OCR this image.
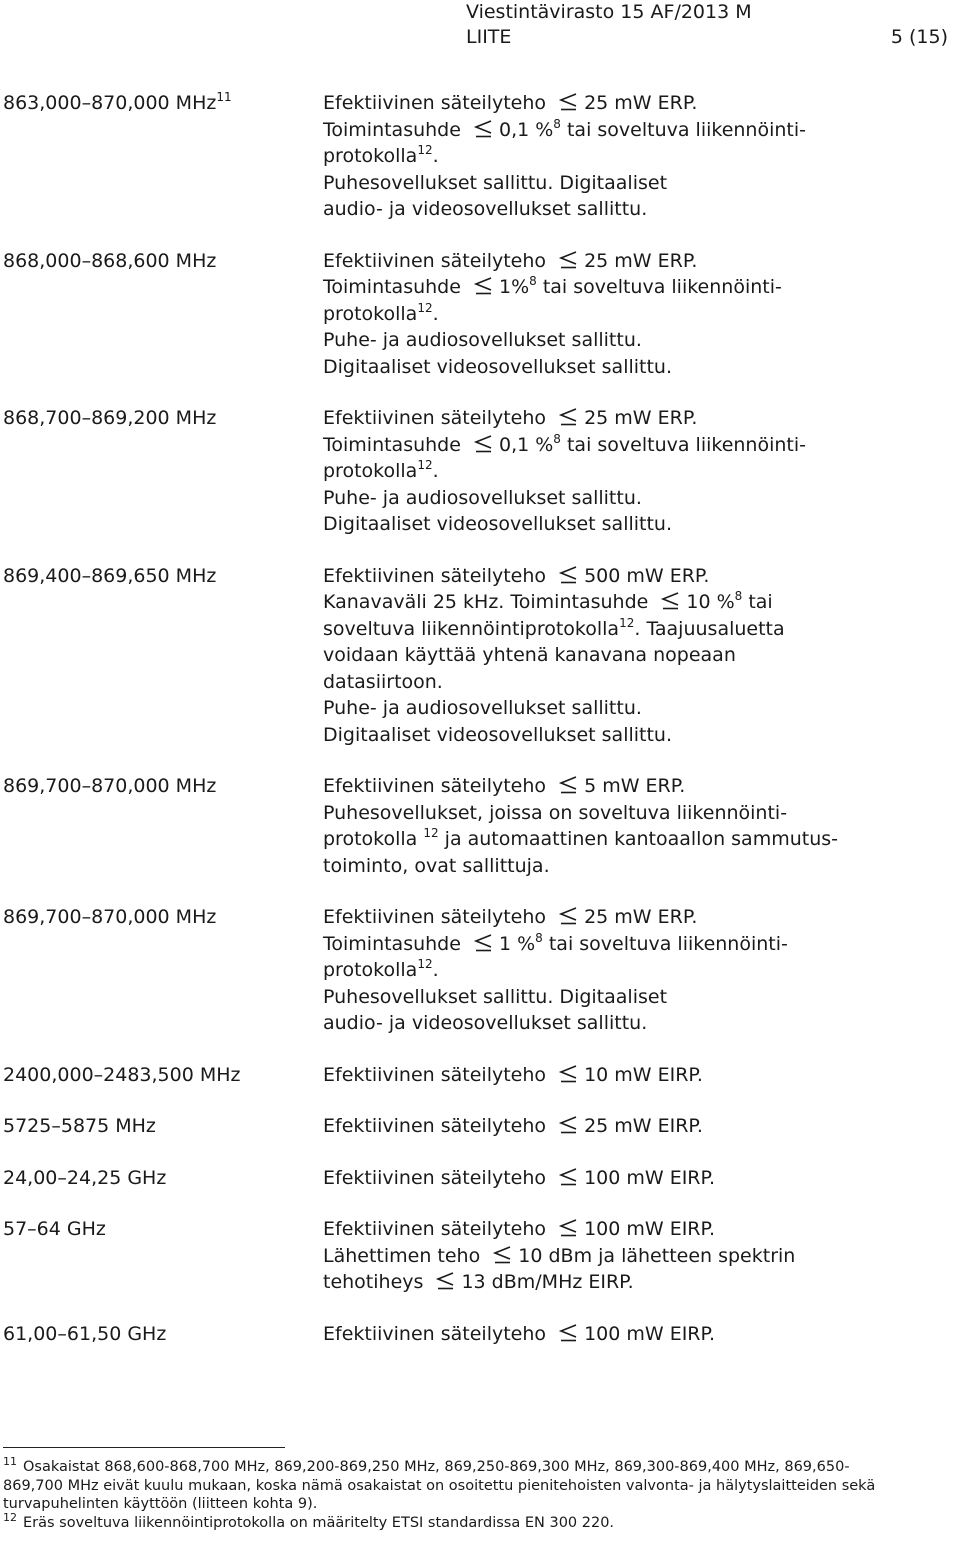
Viestintävirasto 15 AF/2013 M
LIITE	5 (15)
863,000–870,000 MHz$^{11}$	Efektiivinen säteilyteho
25 mW ERP.
Toimintasuhde
0,1 %$^8$ tai soveltuva liikennöinti-
protokolla$^{12}$.
Puhesovellukset sallittu. Digitaaliset
audio- ja videosovellukset sallittu.
868,000–868,600 MHz	Efektiivinen säteilyteho
25 mW ERP.
Toimintasuhde
1%$^8$ tai soveltuva liikennöinti-
protokolla$^{12}$.
Puhe- ja audiosovellukset sallittu.
Digitaaliset videosovellukset sallittu.
868,700–869,200 MHz	Efektiivinen säteilyteho
25 mW ERP.
Toimintasuhde
0,1 %$^8$ tai soveltuva liikennöinti-
protokolla$^{12}$.
Puhe- ja audiosovellukset sallittu.
Digitaaliset videosovellukset sallittu.
869,400–869,650 MHz	Efektiivinen säteilyteho
500 mW ERP.
Kanavaväli 25 kHz. Toimintasuhde
10 %$^8$ tai
soveltuva liikennöintiprotokolla$^{12}$. Taajuusaluetta
voidaan käyttää yhtenä kanavana nopeaan
datasiirtoon.
Puhe- ja audiosovellukset sallittu.
Digitaaliset videosovellukset sallittu.
869,700–870,000 MHz	Efektiivinen säteilyteho
5 mW ERP.
Puhesovellukset, joissa on soveltuva liikennöinti-
protokolla $^{12}$ ja automaattinen kantoaallon sammutus-
toiminto, ovat sallittuja.
869,700–870,000 MHz	Efektiivinen säteilyteho
25 mW ERP.
Toimintasuhde
1 %$^8$ tai soveltuva liikennöinti-
protokolla$^{12}$.
Puhesovellukset sallittu. Digitaaliset
audio- ja videosovellukset sallittu.
2400,000–2483,500 MHz	Efektiivinen säteilyteho
10 mW EIRP.
5725–5875 MHz	Efektiivinen säteilyteho
25 mW EIRP.
24,00–24,25 GHz	Efektiivinen säteilyteho
100 mW EIRP.
57–64 GHz	Efektiivinen säteilyteho
100 mW EIRP.
Lähettimen teho
10 dBm ja lähetteen spektrin
tehotiheys
13 dBm/MHz EIRP.
61,00–61,50 GHz	Efektiivinen säteilyteho
100 mW EIRP.
$^{11}$ Osakaistat 868,600-868,700 MHz, 869,200-869,250 MHz, 869,250-869,300 MHz, 869,300-869,400 MHz, 869,650-
869,700 MHz eivät kuulu mukaan, koska nämä osakaistat on osoitettu pienitehoisten valvonta- ja hälytyslaitteiden sekä
turvapuhelinten käyttöön (liitteen kohta 9).
$^{12}$ Eräs soveltuva liikennöintiprotokolla on määritelty ETSI standardissa EN 300 220.
